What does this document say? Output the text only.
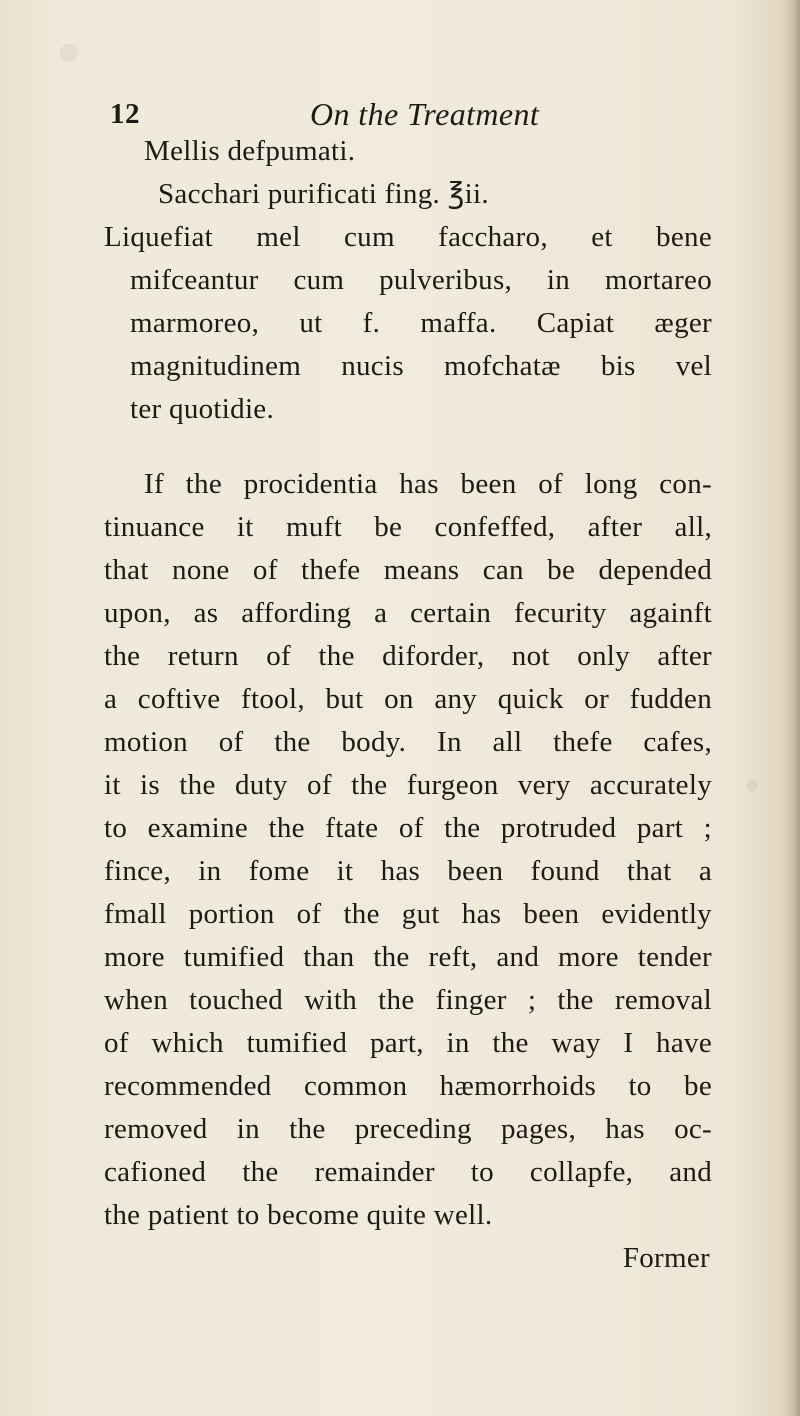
12	On the Treatment
Mellis defpumati.
Sacchari purificati fing. ℥ii.
Liquefiat mel cum faccharo, et bene
mifceantur cum pulveribus, in mortareo
marmoreo, ut f. maffa. Capiat æger
magnitudinem nucis mofchatæ bis vel
ter quotidie.
If the procidentia has been of long con-
tinuance it muft be confeffed, after all,
that none of thefe means can be depended
upon, as affording a certain fecurity againft
the return of the diforder, not only after
a coftive ftool, but on any quick or fudden
motion of the body. In all thefe cafes,
it is the duty of the furgeon very accurately
to examine the ftate of the protruded part ;
fince, in fome it has been found that a
fmall portion of the gut has been evidently
more tumified than the reft, and more tender
when touched with the finger ; the removal
of which tumified part, in the way I have
recommended common hæmorrhoids to be
removed in the preceding pages, has oc-
cafioned the remainder to collapfe, and
the patient to become quite well.
Former
